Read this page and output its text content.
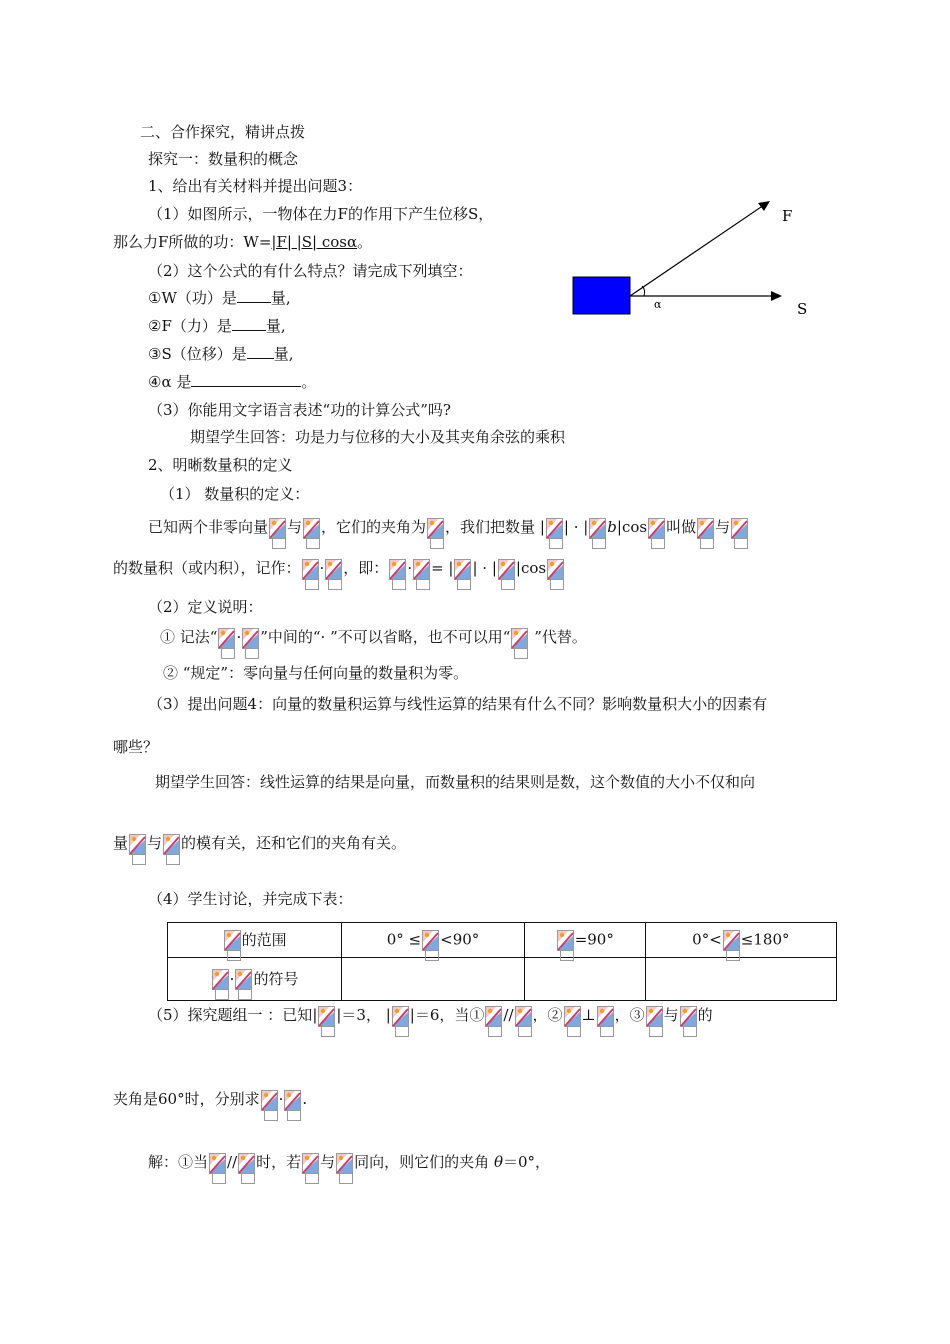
二、合作探究，精讲点拨
探究一：数量积的概念
1、给出有关材料并提出问题3：
（1）如图所示，一物体在力F的作用下产生位移S，
那么力F所做的功：W=|F| |S| cosα。
（2）这个公式的有什么特点？请完成下列填空：
①W（功）是 量,
②F（力）是 量,
③S（位移）是 量,
④α 是	。
F
S
α
（3）你能用文字语言表述“功的计算公式”吗?
期望学生回答：功是力与位移的大小及其夹角余弦的乘积
2、明晰数量积的定义
（1） 数量积的定义：
已知两个非零向量 与 ，它们的夹角为 ，我们把数量 | | · | b|cos 叫做 与
的数量积（或内积），记作： · ，即： · = | | · | |cos
（2）定义说明：
① 记法“ · ”中间的“· ”不可以省略，也不可以用“
”代替。
② “规定”：零向量与任何向量的数量积为零。
（3）提出问题4：向量的数量积运算与线性运算的结果有什么不同？影响数量积大小的因素有
哪些？
期望学生回答：线性运算的结果是向量，而数量积的结果则是数，这个数值的大小不仅和向
量 与 的模有关，还和它们的夹角有关。
（4）学生讨论，并完成下表：
的范围	0° ≤ <90°	=90°	0°< ≤180°

· 的符号			
（5）探究题组一 ：已知| |＝3， | |＝6，当① // ，② ⊥ ，③ 与 的
夹角是60°时，分别求 · .
解：①当 // 时，若 与 同向，则它们的夹角 θ＝0°，
